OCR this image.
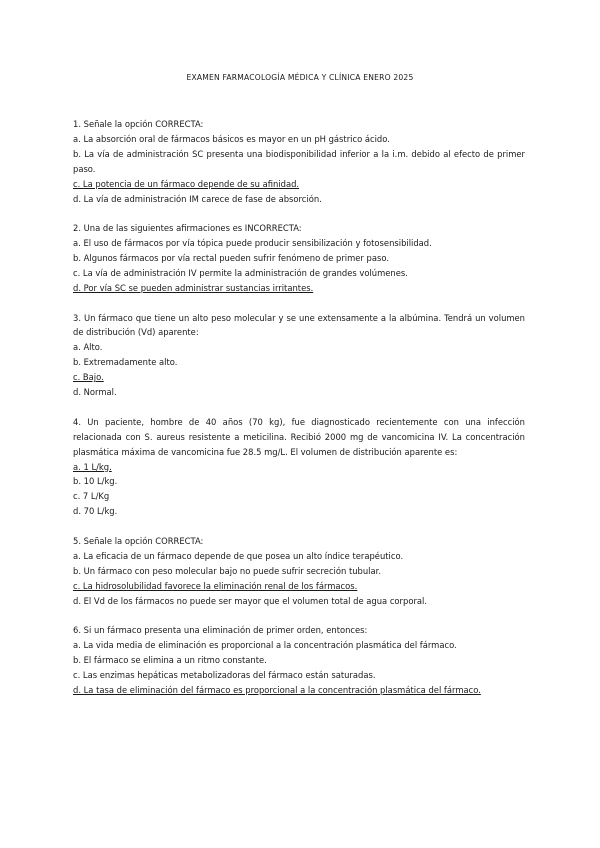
EXAMEN FARMACOLOGÍA MÉDICA Y CLÍNICA ENERO 2025
1. Señale la opción CORRECTA:
a. La absorción oral de fármacos básicos es mayor en un pH gástrico ácido.
b. La vía de administración SC presenta una biodisponibilidad inferior a la i.m. debido al efecto de primer paso.
c. La potencia de un fármaco depende de su afinidad.
d. La vía de administración IM carece de fase de absorción.
2. Una de las siguientes afirmaciones es INCORRECTA:
a. El uso de fármacos por vía tópica puede producir sensibilización y fotosensibilidad.
b. Algunos fármacos por vía rectal pueden sufrir fenómeno de primer paso.
c. La vía de administración IV permite la administración de grandes volúmenes.
d. Por vía SC se pueden administrar sustancias irritantes.
3. Un fármaco que tiene un alto peso molecular y se une extensamente a la albúmina. Tendrá un volumen de distribución (Vd) aparente:
a. Alto.
b. Extremadamente alto.
c. Bajo.
d. Normal.
4. Un paciente, hombre de 40 años (70 kg), fue diagnosticado recientemente con una infección relacionada con S. aureus resistente a meticilina. Recibió 2000 mg de vancomicina IV. La concentración plasmática máxima de vancomicina fue 28.5 mg/L. El volumen de distribución aparente es:
a. 1 L/kg.
b. 10 L/kg.
c. 7 L/Kg
d. 70 L/kg.
5. Señale la opción CORRECTA:
a. La eficacia de un fármaco depende de que posea un alto índice terapéutico.
b. Un fármaco con peso molecular bajo no puede sufrir secreción tubular.
c. La hidrosolubilidad favorece la eliminación renal de los fármacos.
d. El Vd de los fármacos no puede ser mayor que el volumen total de agua corporal.
6. Si un fármaco presenta una eliminación de primer orden, entonces:
a. La vida media de eliminación es proporcional a la concentración plasmática del fármaco.
b. El fármaco se elimina a un ritmo constante.
c. Las enzimas hepáticas metabolizadoras del fármaco están saturadas.
d. La tasa de eliminación del fármaco es proporcional a la concentración plasmática del fármaco.
